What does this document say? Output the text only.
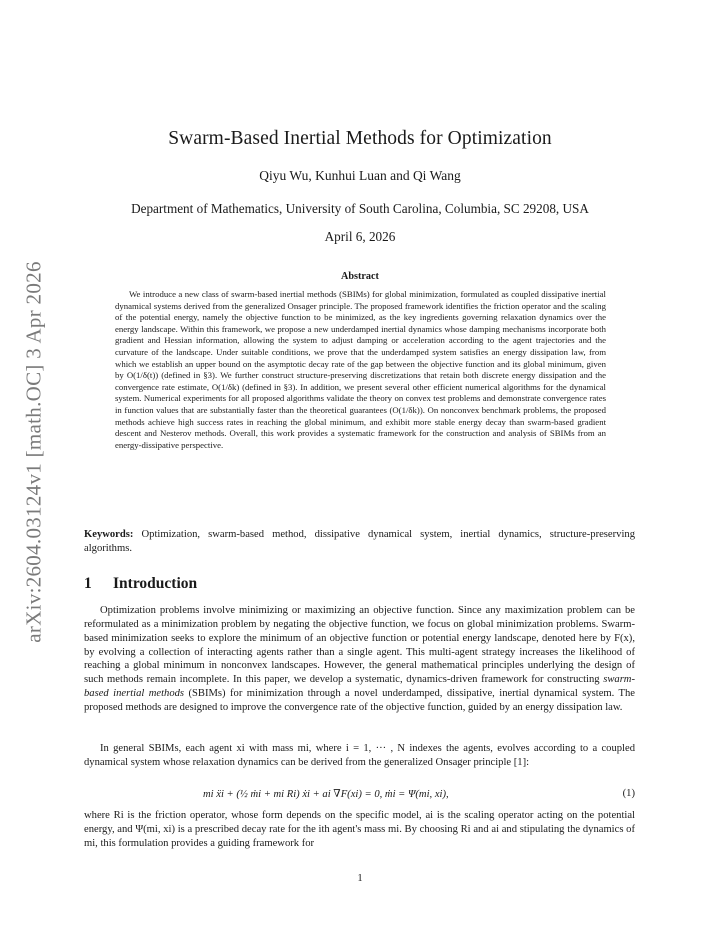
arXiv:2604.03124v1 [math.OC] 3 Apr 2026
Swarm-Based Inertial Methods for Optimization
Qiyu Wu, Kunhui Luan and Qi Wang
Department of Mathematics, University of South Carolina, Columbia, SC 29208, USA
April 6, 2026
Abstract
We introduce a new class of swarm-based inertial methods (SBIMs) for global minimization, formulated as coupled dissipative inertial dynamical systems derived from the generalized Onsager principle. The proposed framework identifies the friction operator and the scaling of the potential energy, namely the objective function to be minimized, as the key ingredients governing relaxation dynamics over the energy landscape. Within this framework, we propose a new underdamped inertial dynamics whose damping mechanisms incorporate both gradient and Hessian information, allowing the system to adjust damping or acceleration according to the agent trajectories and the curvature of the landscape. Under suitable conditions, we prove that the underdamped system satisfies an energy dissipation law, from which we establish an upper bound on the asymptotic decay rate of the gap between the objective function and its global minimum, given by O(1/δ(t)) (defined in §3). We further construct structure-preserving discretizations that retain both discrete energy dissipation and the convergence rate estimate, O(1/δk) (defined in §3). In addition, we present several other efficient numerical algorithms for the dynamical system. Numerical experiments for all proposed algorithms validate the theory on convex test problems and demonstrate convergence rates in function values that are substantially faster than the theoretical guarantees (O(1/δk)). On nonconvex benchmark problems, the proposed methods achieve high success rates in reaching the global minimum, and exhibit more stable energy decay than swarm-based gradient descent and Nesterov methods. Overall, this work provides a systematic framework for the construction and analysis of SBIMs from an energy-dissipative perspective.
Keywords: Optimization, swarm-based method, dissipative dynamical system, inertial dynamics, structure-preserving algorithms.
1 Introduction
Optimization problems involve minimizing or maximizing an objective function. Since any maximization problem can be reformulated as a minimization problem by negating the objective function, we focus on global minimization problems. Swarm-based minimization seeks to explore the minimum of an objective function or potential energy landscape, denoted here by F(x), by evolving a collection of interacting agents rather than a single agent. This multi-agent strategy increases the likelihood of reaching a global minimum in nonconvex landscapes. However, the general mathematical principles underlying the design of such methods remain incomplete. In this paper, we develop a systematic, dynamics-driven framework for constructing swarm-based inertial methods (SBIMs) for minimization through a novel underdamped, dissipative, inertial dynamical system. The proposed methods are designed to improve the convergence rate of the objective function, guided by an energy dissipation law.
In general SBIMs, each agent xi with mass mi, where i = 1, ··· , N indexes the agents, evolves according to a coupled dynamical system whose relaxation dynamics can be derived from the generalized Onsager principle [1]:
mi ẍi + (½ ṁi + mi Ri) ẋi + ai ∇F(xi) = 0, ṁi = Ψ(mi, xi),	(1)
where Ri is the friction operator, whose form depends on the specific model, ai is the scaling operator acting on the potential energy, and Ψ(mi, xi) is a prescribed decay rate for the ith agent's mass mi. By choosing Ri and ai and stipulating the dynamics of mi, this formulation provides a guiding framework for
1
